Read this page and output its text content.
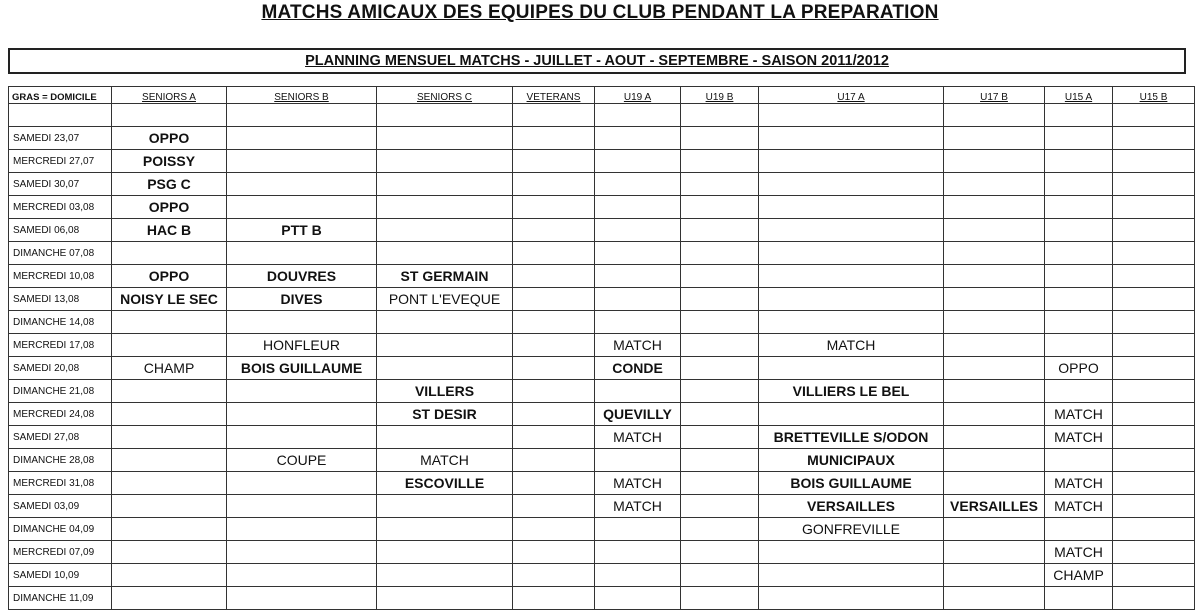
MATCHS AMICAUX DES EQUIPES DU CLUB PENDANT LA PREPARATION
PLANNING MENSUEL MATCHS - JUILLET - AOUT - SEPTEMBRE - SAISON 2011/2012
GRAS = DOMICILE	SENIORS A	SENIORS B	SENIORS C	VETERANS	U19 A	U19 B	U17 A	U17 B	U15 A	U15 B

SAMEDI 23,07	OPPO									
MERCREDI 27,07	POISSY									
SAMEDI 30,07	PSG C									
MERCREDI 03,08	OPPO									
SAMEDI 06,08	HAC B	PTT B								
DIMANCHE 07,08										
MERCREDI 10,08	OPPO	DOUVRES	ST GERMAIN							
SAMEDI 13,08	NOISY LE SEC	DIVES	PONT L'EVEQUE							
DIMANCHE 14,08										
MERCREDI 17,08		HONFLEUR			MATCH		MATCH			
SAMEDI 20,08	CHAMP	BOIS GUILLAUME			CONDE				OPPO	
DIMANCHE 21,08			VILLERS				VILLIERS LE BEL			
MERCREDI 24,08			ST DESIR		QUEVILLY				MATCH	
SAMEDI 27,08					MATCH		BRETTEVILLE S/ODON		MATCH	
DIMANCHE 28,08		COUPE	MATCH				MUNICIPAUX			
MERCREDI 31,08			ESCOVILLE		MATCH		BOIS GUILLAUME		MATCH	
SAMEDI 03,09					MATCH		VERSAILLES	VERSAILLES	MATCH	
DIMANCHE 04,09							GONFREVILLE			
MERCREDI 07,09									MATCH	
SAMEDI 10,09									CHAMP	
DIMANCHE 11,09										
